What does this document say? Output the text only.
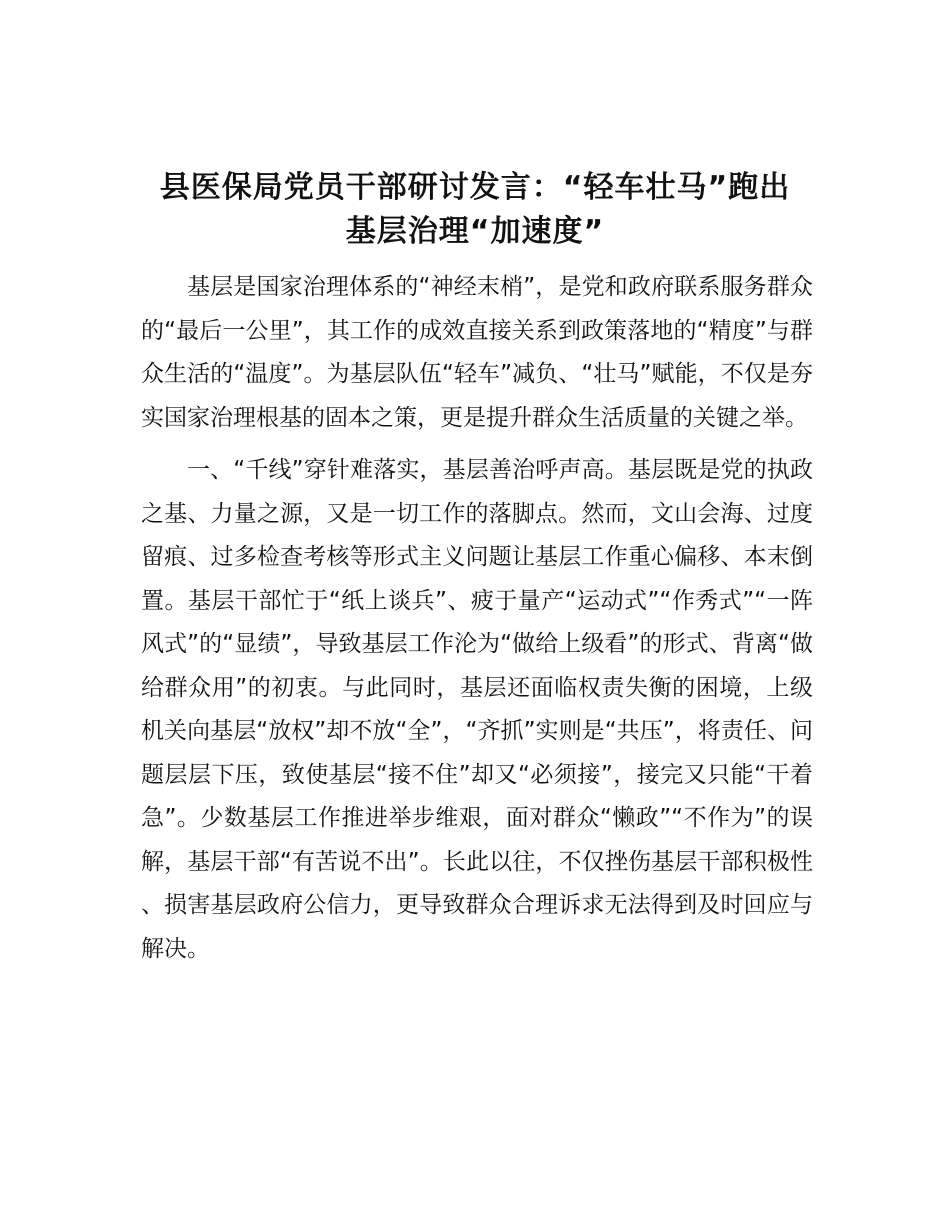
县医保局党员干部研讨发言：“轻车壮马”跑出
基层治理“加速度”

基层是国家治理体系的“神经末梢”，是党和政府联系服务群众的“最后一公里”，其工作的成效直接关系到政策落地的“精度”与群众生活的“温度”。为基层队伍“轻车”减负、“壮马”赋能，不仅是夯实国家治理根基的固本之策，更是提升群众生活质量的关键之举。

一、“千线”穿针难落实，基层善治呼声高。基层既是党的执政之基、力量之源，又是一切工作的落脚点。然而，文山会海、过度留痕、过多检查考核等形式主义问题让基层工作重心偏移、本末倒置。基层干部忙于“纸上谈兵”、疲于量产“运动式”“作秀式”“一阵风式”的“显绩”，导致基层工作沦为“做给上级看”的形式、背离“做给群众用”的初衷。与此同时，基层还面临权责失衡的困境，上级机关向基层“放权”却不放“全”，“齐抓”实则是“共压”，将责任、问题层层下压，致使基层“接不住”却又“必须接”，接完又只能“干着急”。少数基层工作推进举步维艰，面对群众“懒政”“不作为”的误解，基层干部“有苦说不出”。长此以往，不仅挫伤基层干部积极性、损害基层政府公信力，更导致群众合理诉求无法得到及时回应与解决。
